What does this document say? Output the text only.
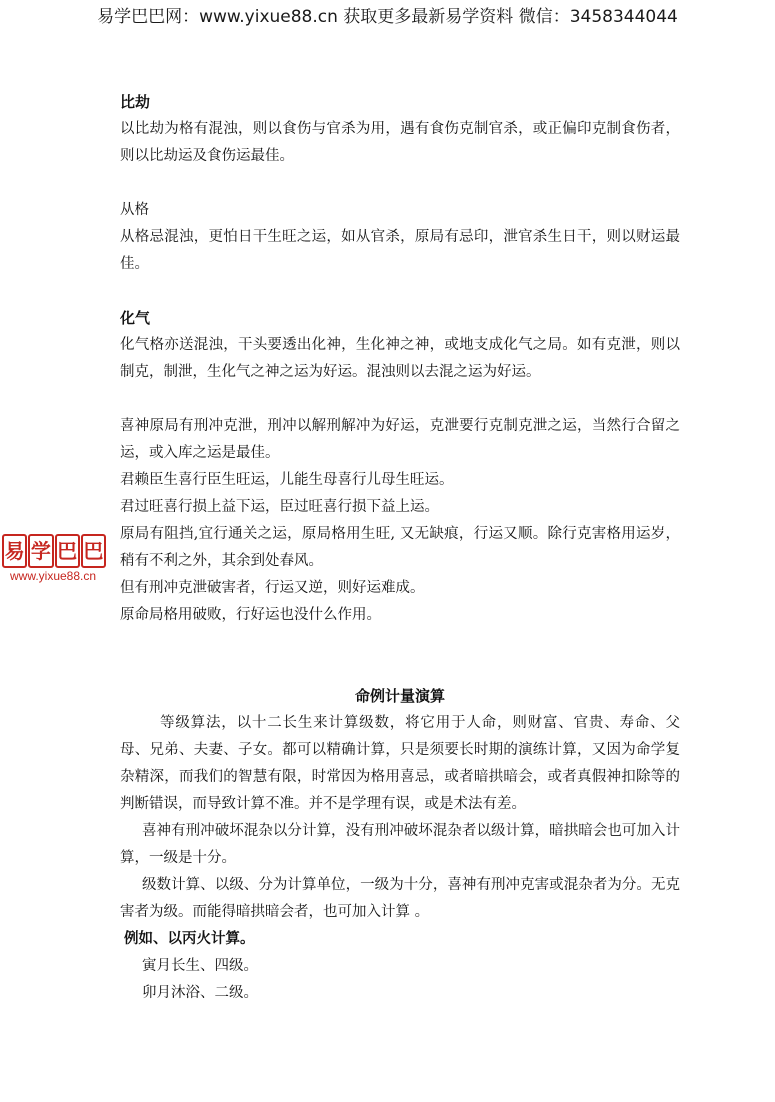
易学巴巴网：www.yixue88.cn 获取更多最新易学资料 微信：3458344044
易 学 巴 巴
www.yixue88.cn
比劫

以比劫为格有混浊，则以食伤与官杀为用，遇有食伤克制官杀，或正偏印克制食伤者，则以比劫运及食伤运最佳。

从格

从格忌混浊，更怕日干生旺之运，如从官杀，原局有忌印，泄官杀生日干，则以财运最佳。

化气

化气格亦送混浊，干头要透出化神，生化神之神，或地支成化气之局。如有克泄，则以制克，制泄，生化气之神之运为好运。混浊则以去混之运为好运。

喜神原局有刑冲克泄，刑冲以解刑解冲为好运，克泄要行克制克泄之运，当然行合留之运，或入库之运是最佳。

君赖臣生喜行臣生旺运，儿能生母喜行儿母生旺运。

君过旺喜行损上益下运，臣过旺喜行损下益上运。

原局有阻挡,宜行通关之运，原局格用生旺, 又无缺痕，行运又顺。除行克害格用运岁，稍有不利之外，其余到处春风。

但有刑冲克泄破害者，行运又逆，则好运难成。

原命局格用破败，行好运也没什么作用。

命例计量演算

等级算法，以十二长生来计算级数，将它用于人命，则财富、官贵、寿命、父母、兄弟、夫妻、子女。都可以精确计算，只是须要长时期的演练计算，又因为命学复杂精深，而我们的智慧有限，时常因为格用喜忌，或者暗拱暗会，或者真假神扣除等的判断错误，而导致计算不准。并不是学理有误，或是术法有差。

喜神有刑冲破坏混杂以分计算，没有刑冲破坏混杂者以级计算，暗拱暗会也可加入计算，一级是十分。

级数计算、以级、分为计算单位，一级为十分，喜神有刑冲克害或混杂者为分。无克害者为级。而能得暗拱暗会者，也可加入计算 。

例如、以丙火计算。

寅月长生、四级。

卯月沐浴、二级。
